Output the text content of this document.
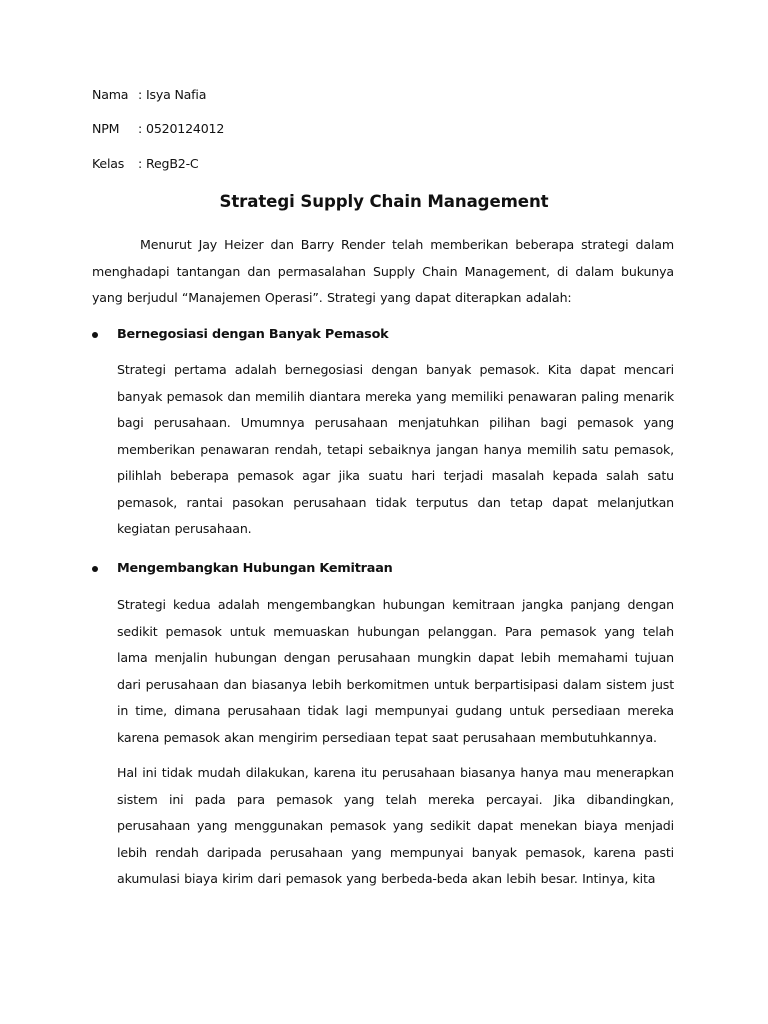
Nama : Isya Nafia
NPM : 0520124012
Kelas : RegB2-C
Strategi Supply Chain Management

Menurut Jay Heizer dan Barry Render telah memberikan beberapa strategi dalam menghadapi tantangan dan permasalahan Supply Chain Management, di dalam bukunya yang berjudul “Manajemen Operasi”. Strategi yang dapat diterapkan adalah:

Bernegosiasi dengan Banyak Pemasok

Strategi pertama adalah bernegosiasi dengan banyak pemasok. Kita dapat mencari banyak pemasok dan memilih diantara mereka yang memiliki penawaran paling menarik bagi perusahaan. Umumnya perusahaan menjatuhkan pilihan bagi pemasok yang memberikan penawaran rendah, tetapi sebaiknya jangan hanya memilih satu pemasok, pilihlah beberapa pemasok agar jika suatu hari terjadi masalah kepada salah satu pemasok, rantai pasokan perusahaan tidak terputus dan tetap dapat melanjutkan kegiatan perusahaan.

Mengembangkan Hubungan Kemitraan

Strategi kedua adalah mengembangkan hubungan kemitraan jangka panjang dengan sedikit pemasok untuk memuaskan hubungan pelanggan. Para pemasok yang telah lama menjalin hubungan dengan perusahaan mungkin dapat lebih memahami tujuan dari perusahaan dan biasanya lebih berkomitmen untuk berpartisipasi dalam sistem just in time, dimana perusahaan tidak lagi mempunyai gudang untuk persediaan mereka karena pemasok akan mengirim persediaan tepat saat perusahaan membutuhkannya.

Hal ini tidak mudah dilakukan, karena itu perusahaan biasanya hanya mau menerapkan sistem ini pada para pemasok yang telah mereka percayai. Jika dibandingkan, perusahaan yang menggunakan pemasok yang sedikit dapat menekan biaya menjadi lebih rendah daripada perusahaan yang mempunyai banyak pemasok, karena pasti akumulasi biaya kirim dari pemasok yang berbeda-beda akan lebih besar. Intinya, kita
